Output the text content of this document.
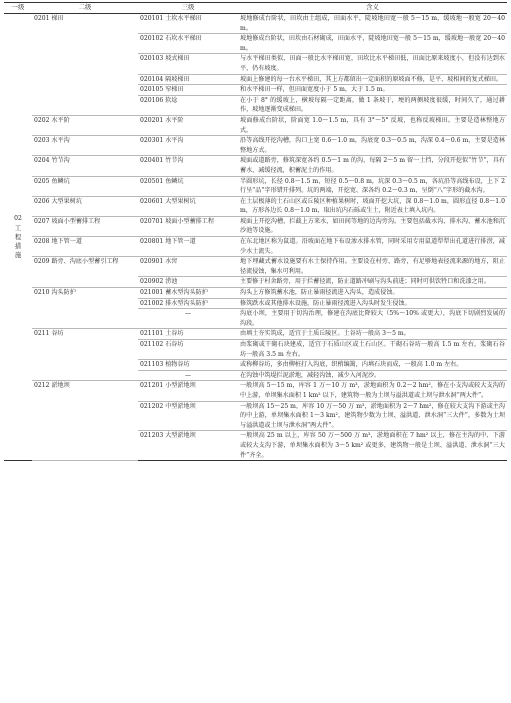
一级	二级	三级	含义

02
工程措施	0201 梯田	020101 土坎水平梯田	坡地修成台阶状，田坎由土组成，田面水平，陡坡地田宽一般 5～15 m，缓坡地一般宽 20～40 m。
		020102 石坎水平梯田	坡地修成台阶状，田坎由石材砌成，田面水平，陡坡地田宽一般 5～15 m，缓坡地一般宽 20～40 m。
		020103 坡式梯田	与水平梯田类似，田面一般比水平梯田宽，田坎比水平梯田低，田面比原来坡度小，但没有达到水平，仍有坡度。
		020104 隔坡梯田	坡面上修建的每一台水平梯田，其上方都留出一定面积的原坡面不修，是平、坡相间的复式梯田。
		020105 窄梯田	和水平梯田一样，但田面宽度小于 5 m，大于 1.5 m。
		020106 软埝	在小于 8° 的缓坡上，横坡每隔一定距离，做 1 条坡于，埂的两侧坡度很缓，时间久了，通过耕作，坡地逐渐变成梯田。
	0202 水平阶	020201 水平阶	坡面修成台阶状，阶面宽 1.0～1.5 m，具有 3°～5° 反坡，也称反坡梯田。主要是造林整地方式。
	0203 水平沟	020301 水平沟	沿等高线开挖沟槽，沟口上宽 0.6～1.0 m，沟底宽 0.3～0.5 m，沟深 0.4～0.6 m，主要是造林整地方式。
	0204 竹节沟	020401 竹节沟	坡面或道路旁，修筑深宽各约 0.5～1 m 的沟，每隔 2～5 m 留一土挡，分段开挖似“竹节”，具有蓄水、减缓径流，积蓄泥土的作用。
	0205 鱼鳞坑	020501 鱼鳞坑	半圆形坑，长径 0.8～1.5 m，短径 0.5～0.8 m，坑深 0.3～0.5 m，各坑沿等高线布设，上下 2 行呈“品”字形错开排列。坑的两端，开挖宽、深各约 0.2～0.3 m，呈倒“八”字形的截水沟。
	0206 大型果树坑	020601 大型果树坑	在土层极薄的土石山区或丘陵区种植果树时，坡面开挖大坑，深 0.8～1.0 m，圆形直径 0.8～1.0 m，方形各边长 0.8～1.0 m，取出坑内石砾或生土，附近表土填入坑内。
	0207 坡面小型蓄排工程	020701 坡面小型蓄排工程	坡面上开挖沟槽，拦截上方来水，如田间等地的边沟旁沟。主要包括截水沟、排水沟，蓄水池和沉沙池等设施。
	0208 地下管一道	020801 地下管一道	在东北地区称为鼠道。沿坡面在地下布设渗水排水管，同时采用专用鼠道犁犁出孔道进行排涝，减少水土流失。
	0209 路旁、沟底小型蓄引工程	020901 水窖	地下埋藏式蓄水设施要有水土保持作用。主要设在村旁、路旁，有足够地表径流来源的地方，阻止径流侵蚀，集水可利用。
		020902 涝池	主要修于村舍路旁，用于拦蓄径流，防止道路冲刷与沟头前进；同时可供饮牲口和洗漆之用。
	0210 沟头防护	021001 蓄水型沟头防护	沟头上方修筑蓄水池，防止暴雨径流进入沟头，造成侵蚀。
		021002 排水型沟头防护	修筑跌水或其他排水设施，防止暴雨径流进入沟头时发生侵蚀。
		—	沟底小坝，主要用于切沟治理，修建在沟底比降较大（5%～10% 或更大），沟底下切剧烈发展的沟段。
	0211 谷坊	021101 土谷坊	由填土夯实筑成，适宜于土质丘陵区。土谷坊一般高 3～5 m。
		021102 石谷坊	由浆砌或干砌石块建成，适宜于石质山区或土石山区。干砌石谷坊一般高 1.5 m 左右，浆砌石谷坊一般高 3.5 m 左右。
		021103 植物谷坊	或称柳谷坊，多由柳桩打入沟底，织梢编篱，内填石块而成，一般高 1.0 m 左右。
		—	在沟蚀中筑堤拦泥淤地，减轻沟蚀，减少入河泥沙。
	0212 淤地坝	021201 小型淤地坝	一般坝高 5～15 m，库容 1 万～10 万 m³，淤地面积为 0.2～2 hm²，修在小支沟或较大支沟的中上游，单坝集水面积 1 km² 以下，建筑物一般为土坝与溢洪道或土坝与泄水洞“两大件”。
		021202 中型淤地坝	一般坝高 15～25 m，库容 10 万～50 万 m³，淤地面积为 2～7 hm²，修在较大支沟下游或主沟的中上游，单坝集水面积 1～3 km²，建筑物少数为土坝、溢洪道、泄水洞“三大件”，多数为土坝与溢洪道或土坝与泄水洞“两大件”。
		021203 大型淤地坝	一般坝高 25 m 以上，库容 50 万～500 万 m³，淤地面积在 7 hm² 以上，修在主沟的中、下游或较大支沟下游，单坝集水面积为 3～5 km² 或更多，建筑物一般是土坝、溢洪道、泄水洞“三大件”齐全。
